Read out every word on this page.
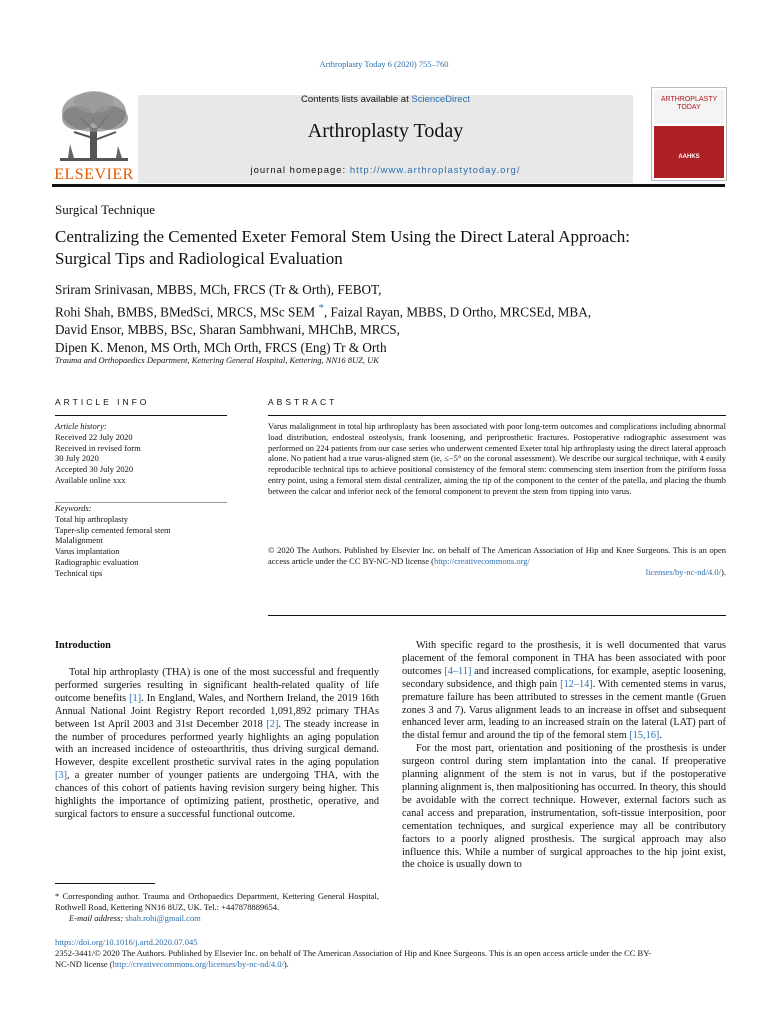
Arthroplasty Today 6 (2020) 755–760
ELSEVIER
Contents lists available at ScienceDirect
Arthroplasty Today
journal homepage: http://www.arthroplastytoday.org/
ARTHROPLASTY
TODAY
AAHKS
Surgical Technique
Centralizing the Cemented Exeter Femoral Stem Using the Direct Lateral Approach: Surgical Tips and Radiological Evaluation
Sriram Srinivasan, MBBS, MCh, FRCS (Tr & Orth), FEBOT,
Rohi Shah, BMBS, BMedSci, MRCS, MSc SEM *, Faizal Rayan, MBBS, D Ortho, MRCSEd, MBA,
David Ensor, MBBS, BSc, Sharan Sambhwani, MHChB, MRCS,
Dipen K. Menon, MS Orth, MCh Orth, FRCS (Eng) Tr & Orth
Trauma and Orthopaedics Department, Kettering General Hospital, Kettering, NN16 8UZ, UK
ARTICLE INFO
Article history:
Received 22 July 2020
Received in revised form
30 July 2020
Accepted 30 July 2020
Available online xxx
Keywords:
Total hip arthroplasty
Taper-slip cemented femoral stem
Malalignment
Varus implantation
Radiographic evaluation
Technical tips
ABSTRACT
Varus malalignment in total hip arthroplasty has been associated with poor long-term outcomes and complications including abnormal load distribution, endosteal osteolysis, frank loosening, and periprosthetic fractures. Postoperative radiographic assessment was performed on 224 patients from our case series who underwent cemented Exeter total hip arthroplasty using the direct lateral approach alone. No patient had a true varus-aligned stem (ie, ≤−5° on the coronal assessment). We describe our surgical technique, with 4 easily reproducible technical tips to achieve positional consistency of the femoral stem: commencing stem insertion from the piriform fossa entry point, using a femoral stem distal centralizer, aiming the tip of the component to the center of the patella, and placing the thumb between the calcar and inferior neck of the femoral component to prevent the stem from tipping into varus.
© 2020 The Authors. Published by Elsevier Inc. on behalf of The American Association of Hip and Knee Surgeons. This is an open access article under the CC BY-NC-ND license (http://creativecommons.org/
licenses/by-nc-nd/4.0/).
Introduction

Total hip arthroplasty (THA) is one of the most successful and frequently performed surgeries resulting in significant health-related quality of life outcome benefits [1]. In England, Wales, and Northern Ireland, the 2019 16th Annual National Joint Registry Report recorded 1,091,892 primary THAs between 1st April 2003 and 31st December 2018 [2]. The steady increase in the number of procedures performed yearly highlights an aging population with an increased incidence of osteoarthritis, thus driving surgical demand. However, despite excellent prosthetic survival rates in the aging population [3], a greater number of younger patients are undergoing THA, with the chances of this cohort of patients having revision surgery being higher. This highlights the importance of optimizing patient, prosthetic, operative, and surgical factors to ensure a successful functional outcome.

With specific regard to the prosthesis, it is well documented that varus placement of the femoral component in THA has been associated with poor outcomes [4–11] and increased complications, for example, aseptic loosening, secondary subsidence, and thigh pain [12–14]. With cemented stems in varus, premature failure has been attributed to stresses in the cement mantle (Gruen zones 3 and 7). Varus alignment leads to an increase in offset and subsequent enhanced lever arm, leading to an increased strain on the lateral (LAT) part of the distal femur and around the tip of the femoral stem [15,16].

For the most part, orientation and positioning of the prosthesis is under surgeon control during stem implantation into the canal. If preoperative planning alignment of the stem is not in varus, but if the postoperative planning alignment is, then malpositioning has occurred. In theory, this should be avoidable with the correct technique. However, external factors such as canal access and preparation, instrumentation, soft-tissue interposition, poor cementation techniques, and surgical experience may all be contributory factors to a poorly aligned prosthesis. The surgical approach may also influence this. While a number of surgical approaches to the hip joint exist, the choice is usually down to

* Corresponding author. Trauma and Orthopaedics Department, Kettering General Hospital, Rothwell Road, Kettering NN16 8UZ, UK. Tel.: +447878889654.
E-mail address: shah.rohi@gmail.com
https://doi.org/10.1016/j.artd.2020.07.045
2352-3441/© 2020 The Authors. Published by Elsevier Inc. on behalf of The American Association of Hip and Knee Surgeons. This is an open access article under the CC BY-
NC-ND license (http://creativecommons.org/licenses/by-nc-nd/4.0/).
